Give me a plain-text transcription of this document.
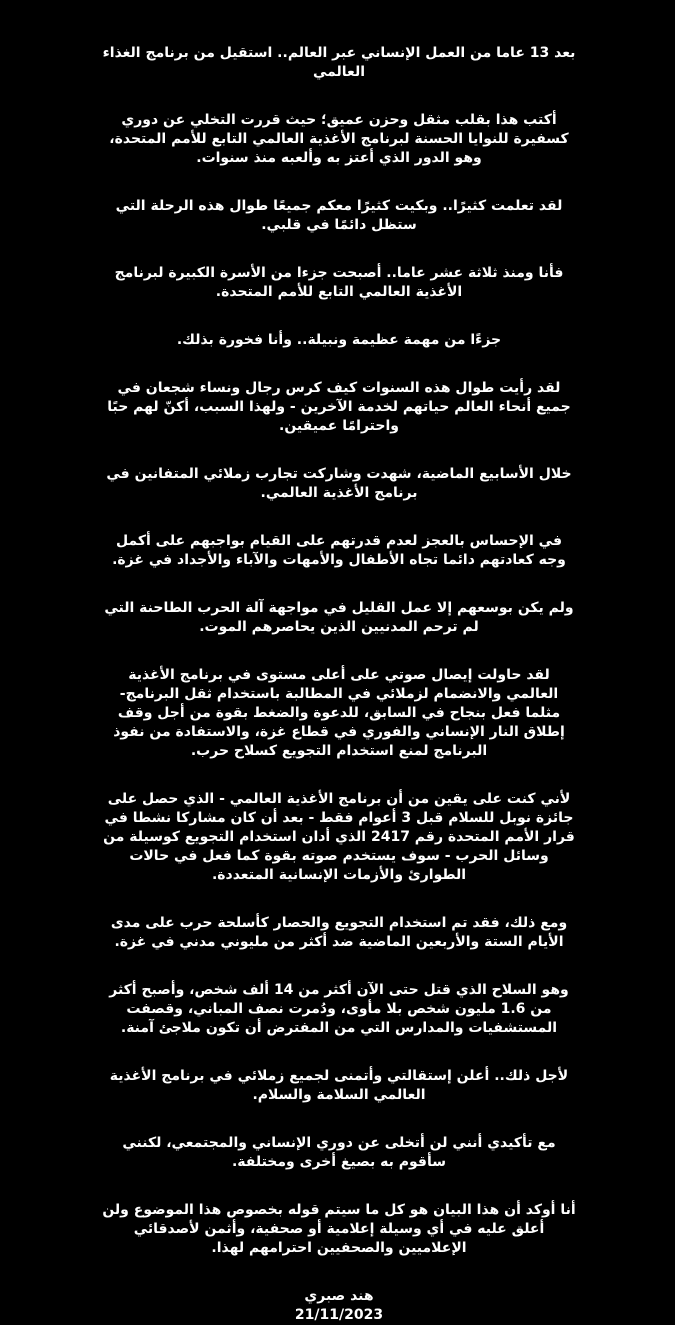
بعد 13 عاما من العمل الإنساني عبر العالم.. استقيل من برنامج الغذاء العالمي

أكتب هذا بقلب مثقل وحزن عميق؛ حيث قررت التخلي عن دوري كسفيرة للنوايا الحسنة لبرنامج الأغذية العالمي التابع للأمم المتحدة، وهو الدور الذي أعتز به وألعبه منذ سنوات.

لقد تعلمت كثيرًا.. وبكيت كثيرًا معكم جميعًا طوال هذه الرحلة التي ستظل دائمًا في قلبي.

فأنا ومنذ ثلاثة عشر عاما.. أصبحت جزءا من الأسرة الكبيرة لبرنامج الأغذية العالمي التابع للأمم المتحدة.

جزءًا من مهمة عظيمة ونبيلة.. وأنا فخورة بذلك.

لقد رأيت طوال هذه السنوات كيف كرس رجال ونساء شجعان في جميع أنحاء العالم حياتهم لخدمة الآخرين - ولهذا السبب، أكنّ لهم حبًا واحترامًا عميقين.

خلال الأسابيع الماضية، شهدت وشاركت تجارب زملائي المتفانين في برنامج الأغذية العالمي.

في الإحساس بالعجز لعدم قدرتهم على القيام بواجبهم على أكمل وجه كعادتهم دائما تجاه الأطفال والأمهات والآباء والأجداد في غزة.

ولم يكن بوسعهم إلا عمل القليل في مواجهة آلة الحرب الطاحنة التي لم ترحم المدنيين الذين يحاصرهم الموت.

لقد حاولت إيصال صوتي على أعلى مستوى في برنامج الأغذية العالمي والانضمام لزملائي في المطالبة باستخدام ثقل البرنامج- مثلما فعل بنجاح في السابق، للدعوة والضغط بقوة من أجل وقف إطلاق النار الإنساني والفوري في قطاع غزة، والاستفادة من نفوذ البرنامج لمنع استخدام التجويع كسلاح حرب.

لأني كنت على يقين من أن برنامج الأغذية العالمي - الذي حصل على جائزة نوبل للسلام قبل 3 أعوام فقط - بعد أن كان مشاركا نشطا في قرار الأمم المتحدة رقم 2417 الذي أدان استخدام التجويع كوسيلة من وسائل الحرب - سوف يستخدم صوته بقوة كما فعل في حالات الطوارئ والأزمات الإنسانية المتعددة.

ومع ذلك، فقد تم استخدام التجويع والحصار كأسلحة حرب على مدى الأيام الستة والأربعين الماضية ضد أكثر من مليوني مدني في غزة.

وهو السلاح الذي قتل حتى الآن أكثر من 14 ألف شخص، وأصبح أكثر من 1.6 مليون شخص بلا مأوى، ودُمرت نصف المباني، وقصفت المستشفيات والمدارس التي من المفترض أن تكون ملاجئ آمنة.

لأجل ذلك.. أعلن إستقالتي وأتمنى لجميع زملائي في برنامج الأغذية العالمي السلامة والسلام.

مع تأكيدي أنني لن أتخلى عن دوري الإنساني والمجتمعي، لكنني سأقوم به بصيغ أخرى ومختلفة.

أنا أوكد أن هذا البيان هو كل ما سيتم قوله بخصوص هذا الموضوع ولن أعلق عليه في أي وسيلة إعلامية أو صحفية، وأثمن لأصدقائي الإعلاميين والصحفيين احترامهم لهذا.

هند صبري
21/11/2023
